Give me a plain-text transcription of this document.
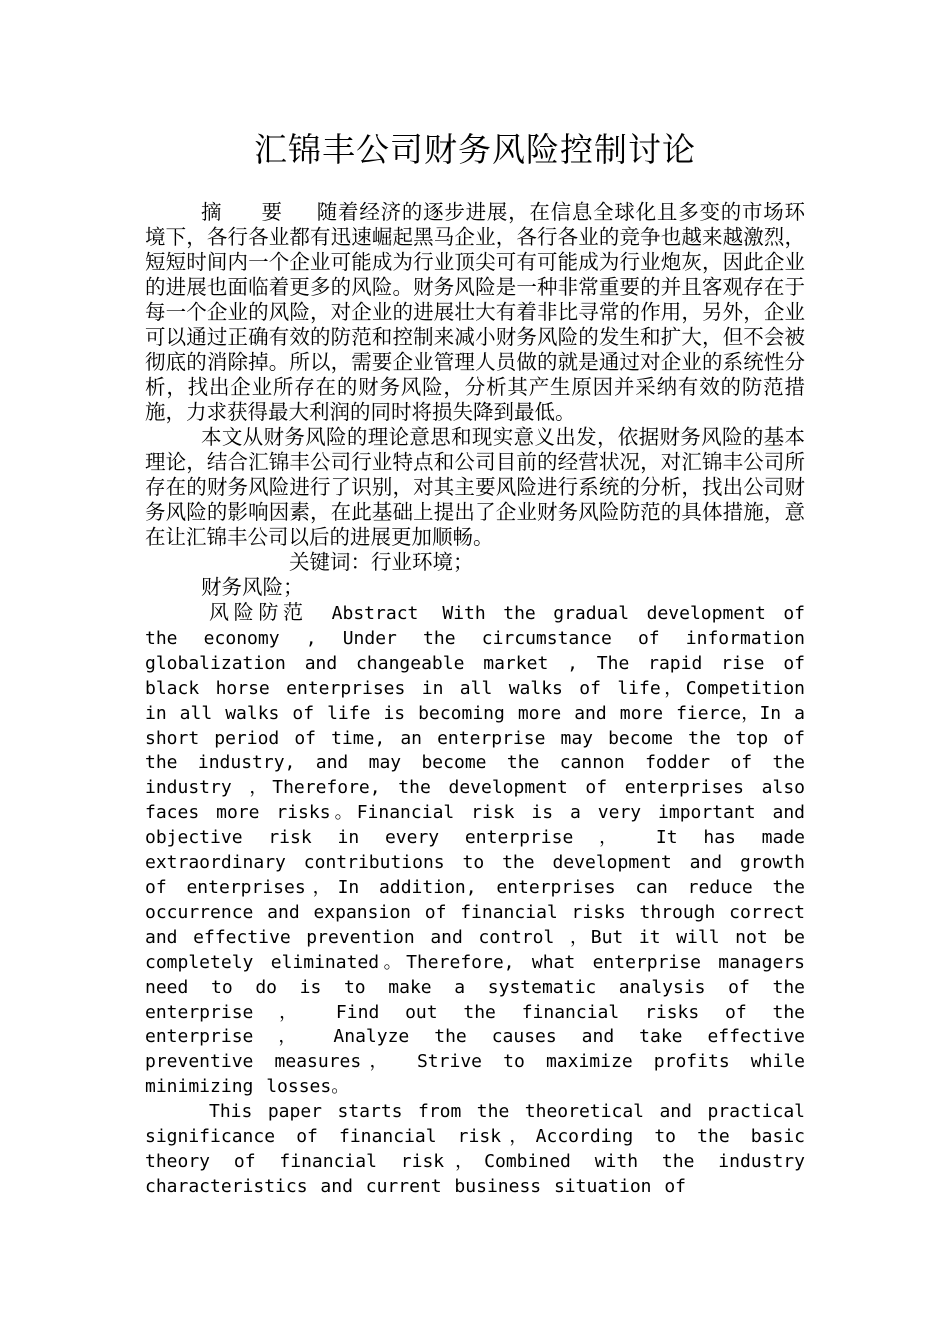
汇锦丰公司财务风险控制讨论

摘 要 随着经济的逐步进展，在信息全球化且多变的市场环境下，各行各业都有迅速崛起黑马企业，各行各业的竞争也越来越激烈，短短时间内一个企业可能成为行业顶尖可有可能成为行业炮灰，因此企业的进展也面临着更多的风险。财务风险是一种非常重要的并且客观存在于每一个企业的风险，对企业的进展壮大有着非比寻常的作用，另外，企业可以通过正确有效的防范和控制来减小财务风险的发生和扩大，但不会被彻底的消除掉。所以，需要企业管理人员做的就是通过对企业的系统性分析，找出企业所存在的财务风险，分析其产生原因并采纳有效的防范措施，力求获得最大利润的同时将损失降到最低。

本文从财务风险的理论意思和现实意义出发，依据财务风险的基本理论，结合汇锦丰公司行业特点和公司目前的经营状况，对汇锦丰公司所存在的财务风险进行了识别，对其主要风险进行系统的分析，找出公司财务风险的影响因素，在此基础上提出了企业财务风险防范的具体措施，意在让汇锦丰公司以后的进展更加顺畅。

关键词：行业环境；

财务风险；

风险防范 Abstract With the gradual development of the economy , Under the circumstance of information globalization and changeable market , The rapid rise of black horse enterprises in all walks of life，Competition in all walks of life is becoming more and more fierce，In a short period of time, an enterprise may become the top of the industry, and may become the cannon fodder of the industry ，Therefore, the development of enterprises also faces more risks。Financial risk is a very important and objective risk in every enterprise ， It has made extraordinary contributions to the development and growth of enterprises，In addition, enterprises can reduce the occurrence and expansion of financial risks through correct and effective prevention and control ，But it will not be completely eliminated。Therefore, what enterprise managers need to do is to make a systematic analysis of the enterprise ， Find out the financial risks of the enterprise ， Analyze the causes and take effective preventive measures， Strive to maximize profits while minimizing losses。

This paper starts from the theoretical and practical significance of financial risk，According to the basic theory of financial risk，Combined with the industry characteristics and current business situation of
